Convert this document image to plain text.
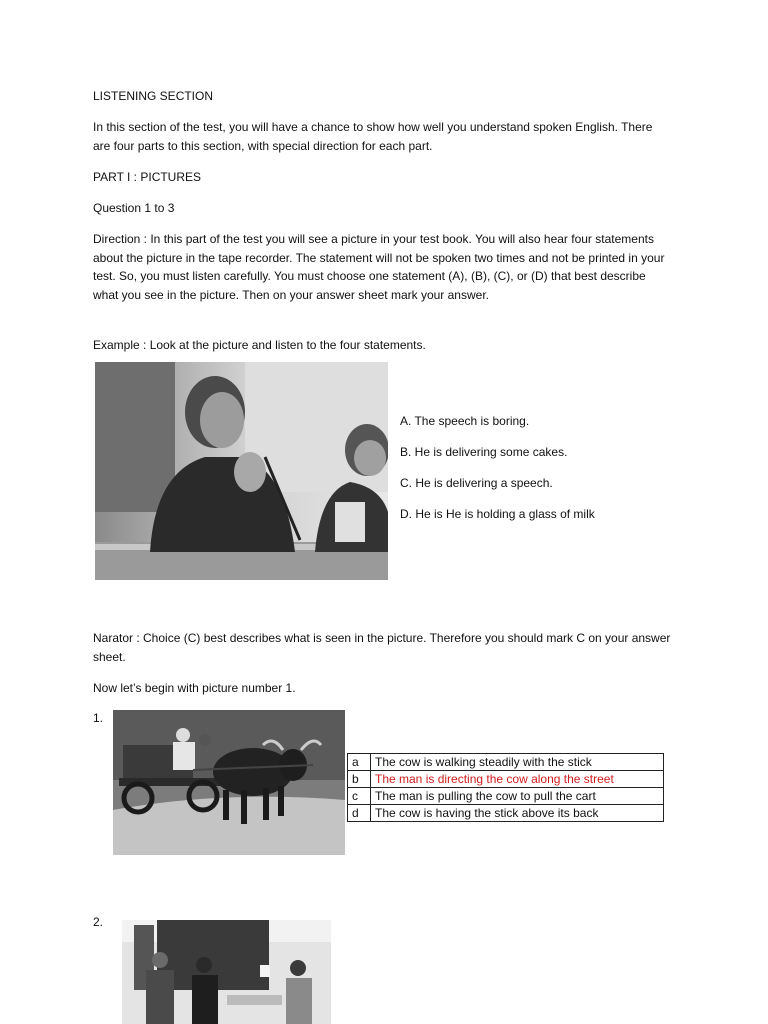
LISTENING SECTION

In this section of the test, you will have a chance to show how well you understand spoken English. There are four parts to this section, with special direction for each part.

PART I : PICTURES

Question 1 to 3

Direction : In this part of the test you will see a picture in your test book. You will also hear four statements about the picture in the tape recorder. The statement will not be spoken two times and not be printed in your test. So, you must listen carefully. You must choose one statement (A), (B), (C), or (D) that best describe what you see in the picture. Then on your answer sheet mark your answer.

Example : Look at the picture and listen to the four statements.

A. The speech is boring.
B. He is delivering some cakes.
C. He is delivering a speech.
D. He is He is holding a glass of milk

Narator : Choice (C) best describes what is seen in the picture. Therefore you should mark C on your answer sheet.

Now let’s begin with picture number 1.

1.
a	The cow is walking steadily with the stick
b	The man is directing the cow along the street
c	The man is pulling the cow to pull the cart
d	The cow is having the stick above its back
2.
